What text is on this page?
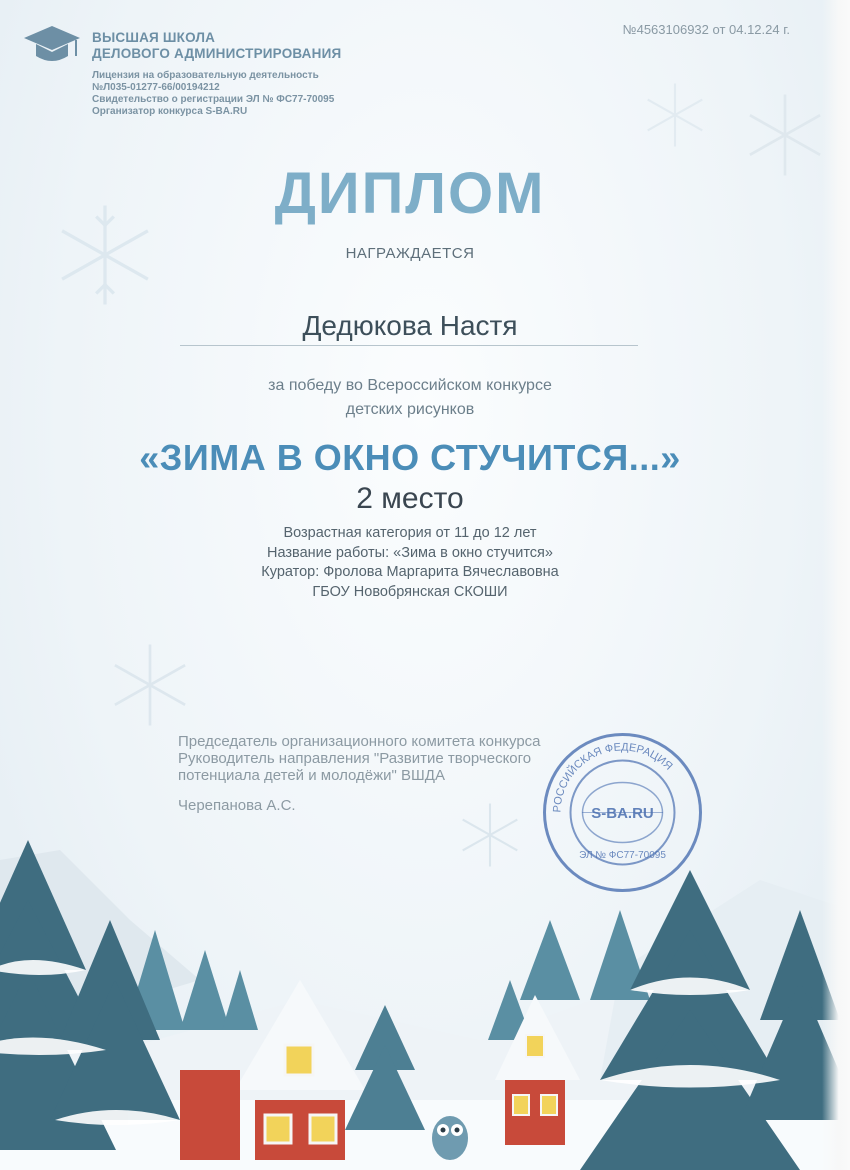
ВЫСШАЯ ШКОЛА
ДЕЛОВОГО АДМИНИСТРИРОВАНИЯ
Лицензия на образовательную деятельность
№Л035-01277-66/00194212
Свидетельство о регистрации ЭЛ № ФС77-70095
Организатор конкурса S-BA.RU
№4563106932 от 04.12.24 г.
ДИПЛОМ
НАГРАЖДАЕТСЯ
Дедюкова Настя
за победу во Всероссийском конкурсе
детских рисунков
«ЗИМА В ОКНО СТУЧИТСЯ...»
2 место
Возрастная категория от 11 до 12 лет
Название работы: «Зима в окно стучится»
Куратор: Фролова Маргарита Вячеславовна
ГБОУ Новобрянская СКОШИ
Председатель организационного комитета конкурса
Руководитель направления "Развитие творческого
потенциала детей и молодёжи" ВШДА
Черепанова А.С.	РОССИЙСКАЯ ФЕДЕРАЦИЯ
S-BA.RU
ЭЛ № ФС77-70095
